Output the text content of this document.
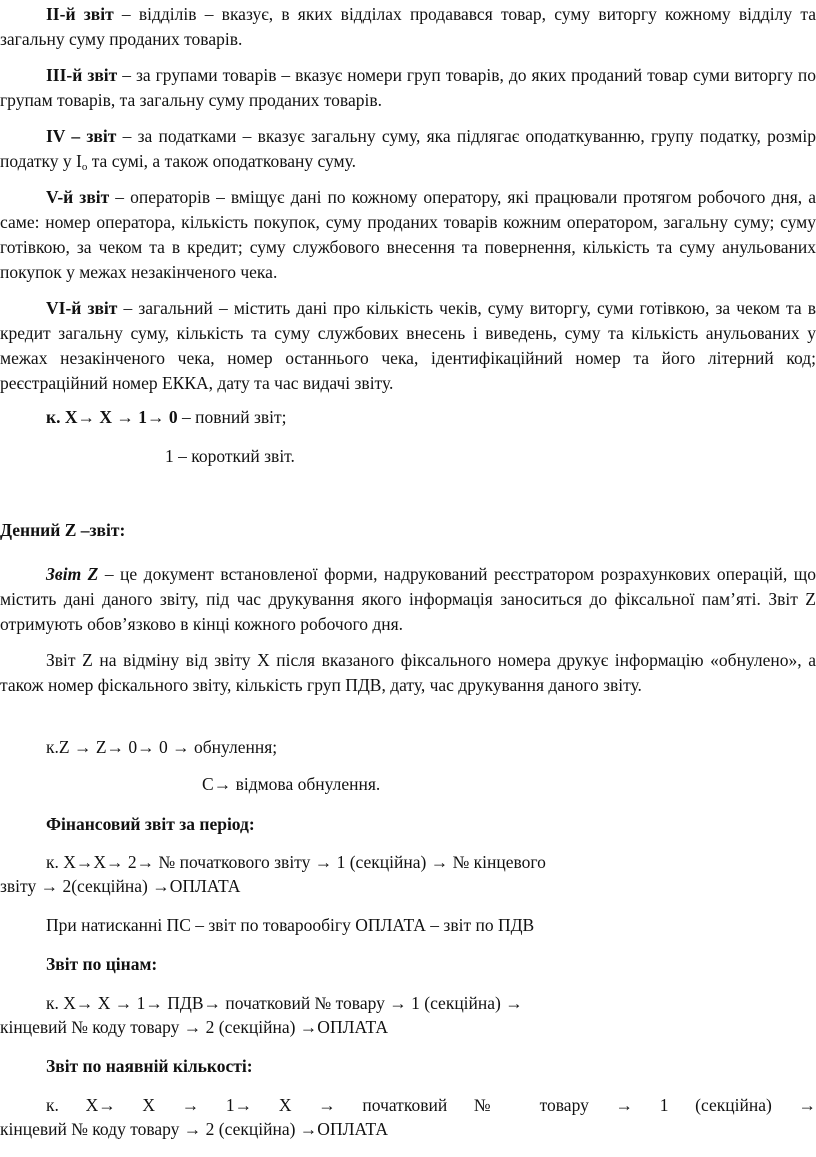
ІІ-й звіт – відділів – вказує, в яких відділах продавався товар, суму виторгу кожному відділу та загальну суму проданих товарів.

ІІІ-й звіт – за групами товарів – вказує номери груп товарів, до яких проданий товар суми виторгу по групам товарів, та загальну суму проданих товарів.

IV – звіт – за податками – вказує загальну суму, яка підлягає оподаткуванню, групу податку, розмір податку у $I_o$ та сумі, а також оподатковану суму.

V-й звіт – операторів – вміщує дані по кожному оператору, які працювали протягом робочого дня, а саме: номер оператора, кількість покупок, суму проданих товарів кожним оператором, загальну суму; суму готівкою, за чеком та в кредит; суму службового внесення та повернення, кількість та суму анульованих покупок у межах незакінченого чека.

VI-й звіт – загальний – містить дані про кількість чеків, суму виторгу, суми готівкою, за чеком та в кредит загальну суму, кількість та суму службових внесень і виведень, суму та кількість анульованих у межах незакінченого чека, номер останнього чека, ідентифікаційний номер та його літерний код; реєстраційний номер ЕККА, дату та час видачі звіту.

к. Х→ Х → 1→ 0 – повний звіт;
1 – короткий звіт.
Денний Z –звіт:

Звіт Z – це документ встановленої форми, надрукований реєстратором розрахункових операцій, що містить дані даного звіту, під час друкування якого інформація заноситься до фіксальної пам’яті. Звіт Z отримують обов’язково в кінці кожного робочого дня.

Звіт Z на відміну від звіту Х після вказаного фіксального номера друкує інформацію «обнулено», а також номер фіскального звіту, кількість груп ПДВ, дату, час друкування даного звіту.

к.Z → Z→ 0→ 0 → обнулення;
С→ відмова обнулення.
Фінансовий звіт за період:
к. Х→Х→ 2→ № початкового звіту → 1 (секційна) → № кінцевого
звіту → 2(секційна) →ОПЛАТА
При натисканні ПС – звіт по товарообігу ОПЛАТА – звіт по ПДВ
Звіт по цінам:
к. Х→ Х → 1→ ПДВ→ початковий № товару → 1 (секційна) →
кінцевий № коду товару → 2 (секційна) →ОПЛАТА
Звіт по наявній кількості:

к. Х→ Х → 1→ Х → початковий № товару → 1 (секційна) →

кінцевий № коду товару → 2 (секційна) →ОПЛАТА
